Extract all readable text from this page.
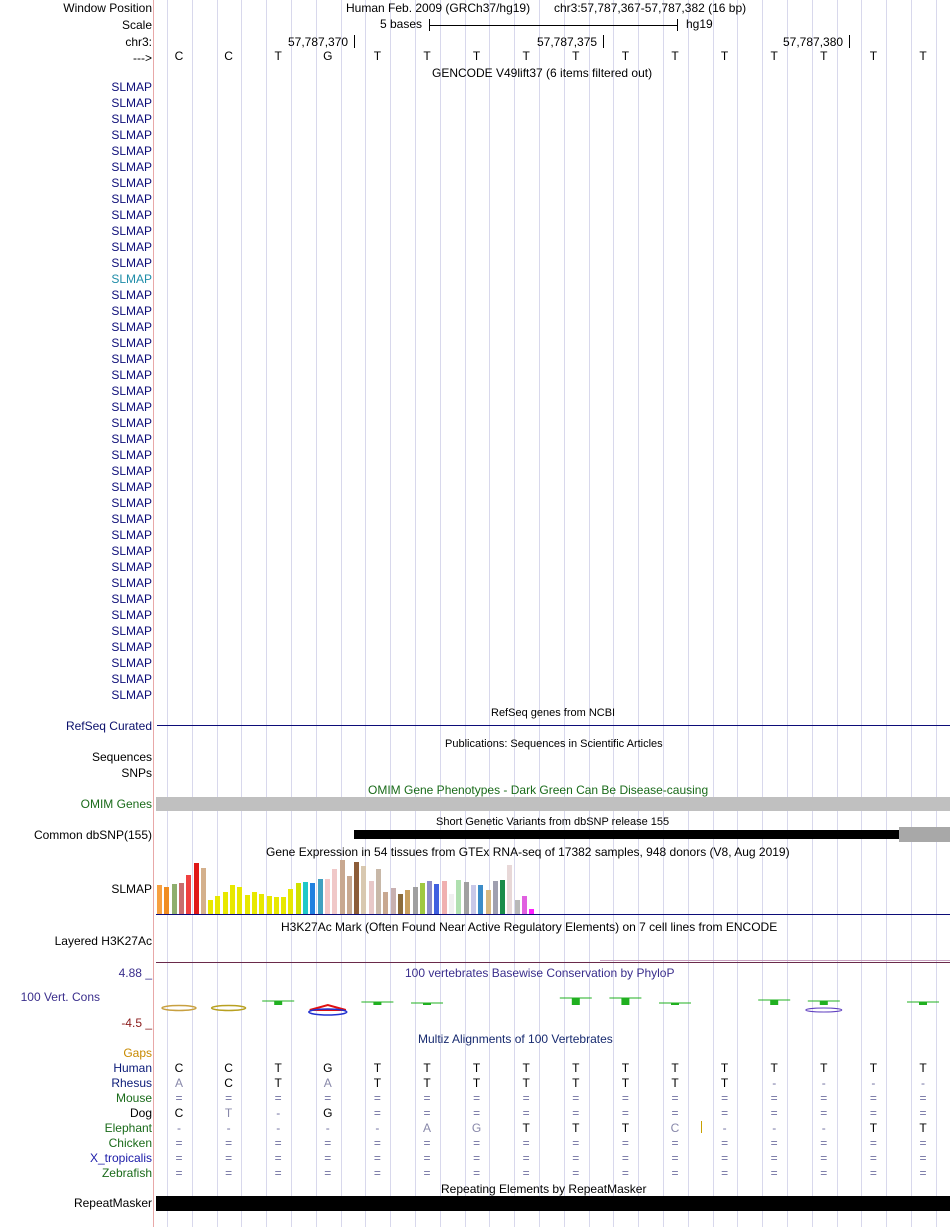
Window Position	Human Feb. 2009 (GRCh37/hg19) chr3:57,787,367-57,787,382 (16 bp)
Scale	5 bases	hg19
chr3:	57,787,370	57,787,375	57,787,380
---> C	C	T	G	T	T	T	T	T	T	T	T	T	T	T	T
GENCODE V49lift37 (6 items filtered out)
SLMAP
SLMAP
SLMAP
SLMAP
SLMAP
SLMAP
SLMAP
SLMAP
SLMAP
SLMAP
SLMAP
SLMAP
SLMAP
SLMAP
SLMAP
SLMAP
SLMAP
SLMAP
SLMAP
SLMAP
SLMAP
SLMAP
SLMAP
SLMAP
SLMAP
SLMAP
SLMAP
SLMAP
SLMAP
SLMAP
SLMAP
SLMAP
SLMAP
SLMAP
SLMAP
SLMAP
SLMAP
SLMAP
SLMAP
RefSeq genes from NCBI
RefSeq Curated
Publications: Sequences in Scientific Articles
Sequences
SNPs
OMIM Gene Phenotypes - Dark Green Can Be Disease-causing
OMIM Genes
Short Genetic Variants from dbSNP release 155
Common dbSNP(155)
Gene Expression in 54 tissues from GTEx RNA-seq of 17382 samples, 948 donors (V8, Aug 2019)
SLMAP
H3K27Ac Mark (Often Found Near Active Regulatory Elements) on 7 cell lines from ENCODE
Layered H3K27Ac
4.88 _	100 vertebrates Basewise Conservation by PhyloP
100 Vert. Cons
-4.5 _
Multiz Alignments of 100 Vertebrates
Gaps
Human C	C	T	G	T	T	T	T	T	T	T	T	T	T	T	T
Rhesus A	C	T	A	T	T	T	T	T	T	T	T	-	-	-	-
Mouse =	=	=	=	=	=	=	=	=	=	=	=	=	=	=	=
Dog C	T	-	G	=	=	=	=	=	=	=	=	=	=	=	=
Elephant	-	-	-	-	-	A	G	T	T	T	C	-	-	-	T	T
Chicken =	=	=	=	=	=	=	=	=	=	=	=	=	=	=	=
X_tropicalis =	=	=	=	=	=	=	=	=	=	=	=	=	=	=	=
Zebrafish =	=	=	=	=	=	=	=	=	=	=	=	=	=	=	=
Repeating Elements by RepeatMasker
RepeatMasker
